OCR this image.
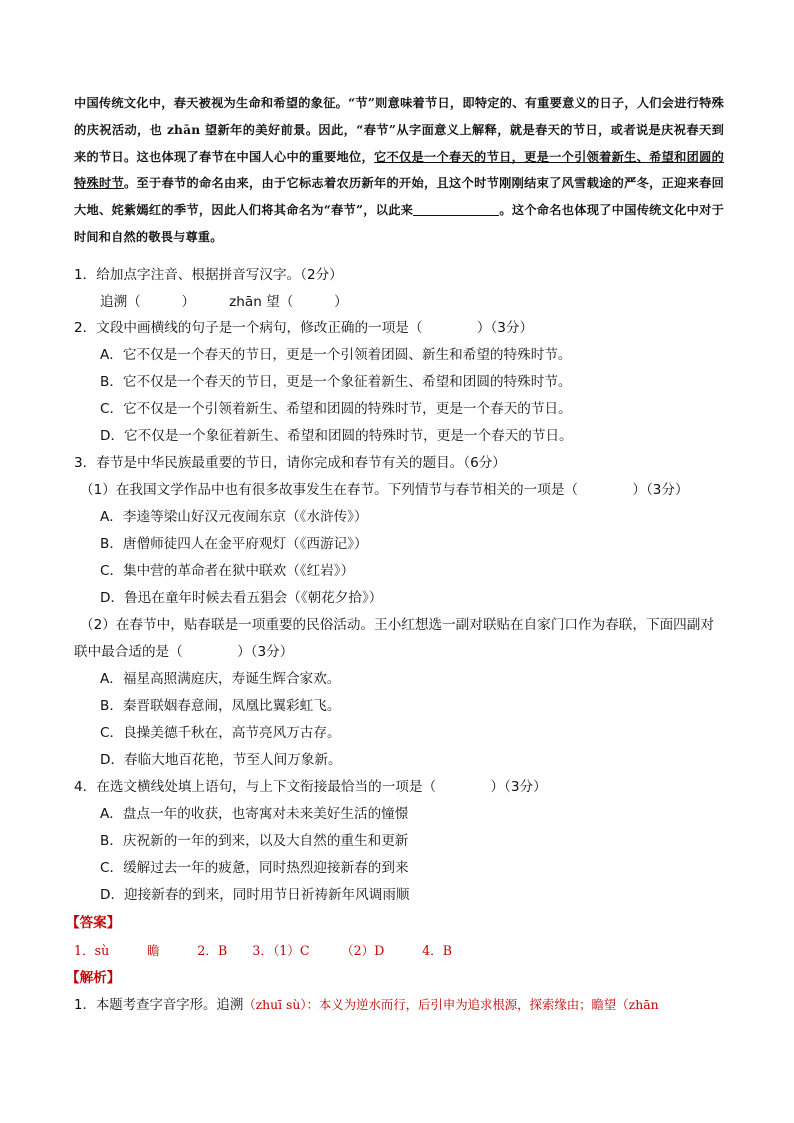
中国传统文化中，春天被视为生命和希望的象征。“节”则意味着节日，即特定的、有重要意义的日子，人们会进行特殊的庆祝活动，也 zhān 望新年的美好前景。因此，“春节”从字面意义上解释，就是春天的节日，或者说是庆祝春天到来的节日。这也体现了春节在中国人心中的重要地位，它不仅是一个春天的节日，更是一个引领着新生、希望和团圆的特殊时节。至于春节的命名由来，由于它标志着农历新年的开始，且这个时节刚刚结束了风雪载途的严冬，正迎来春回大地、姹紫嫣红的季节，因此人们将其命名为“春节”，以此来	。这个命名也体现了中国传统文化中对于时间和自然的敬畏与尊重。
1．给加点字注音、根据拼音写汉字。（2分）
追溯（　　　）　　　zhān 望（　　　）
2．文段中画横线的句子是一个病句，修改正确的一项是（　　　　）（3分）
A．它不仅是一个春天的节日，更是一个引领着团圆、新生和希望的特殊时节。
B．它不仅是一个春天的节日，更是一个象征着新生、希望和团圆的特殊时节。
C．它不仅是一个引领着新生、希望和团圆的特殊时节，更是一个春天的节日。
D．它不仅是一个象征着新生、希望和团圆的特殊时节，更是一个春天的节日。
3．春节是中华民族最重要的节日，请你完成和春节有关的题目。（6分）
（1）在我国文学作品中也有很多故事发生在春节。下列情节与春节相关的一项是（　　　　）（3分）
A．李逵等梁山好汉元夜闹东京（《水浒传》）
B．唐僧师徒四人在金平府观灯（《西游记》）
C．集中营的革命者在狱中联欢（《红岩》）
D．鲁迅在童年时候去看五猖会（《朝花夕拾》）
（2）在春节中，贴春联是一项重要的民俗活动。王小红想选一副对联贴在自家门口作为春联，下面四副对
联中最合适的是（　　　　）（3分）
A．福星高照满庭庆，寿诞生辉合家欢。
B．秦晋联姻春意闹，凤凰比翼彩虹飞。
C．良操美德千秋在，高节亮风万古存。
D．春临大地百花艳，节至人间万象新。
4．在选文横线处填上语句，与上下文衔接最恰当的一项是（　　　　）（3分）
A．盘点一年的收获，也寄寓对未来美好生活的憧憬
B．庆祝新的一年的到来，以及大自然的重生和更新
C．缓解过去一年的疲惫，同时热烈迎接新春的到来
D．迎接新春的到来，同时用节日祈祷新年风调雨顺
【答案】
1．sù　　　瞻　　　2．B　　3．（1）C　　　（2）D　　　4．B
【解析】
1．本题考查字音字形。追溯（zhuī sù）：本义为逆水而行，后引申为追求根源，探索缘由；瞻望（zhān
